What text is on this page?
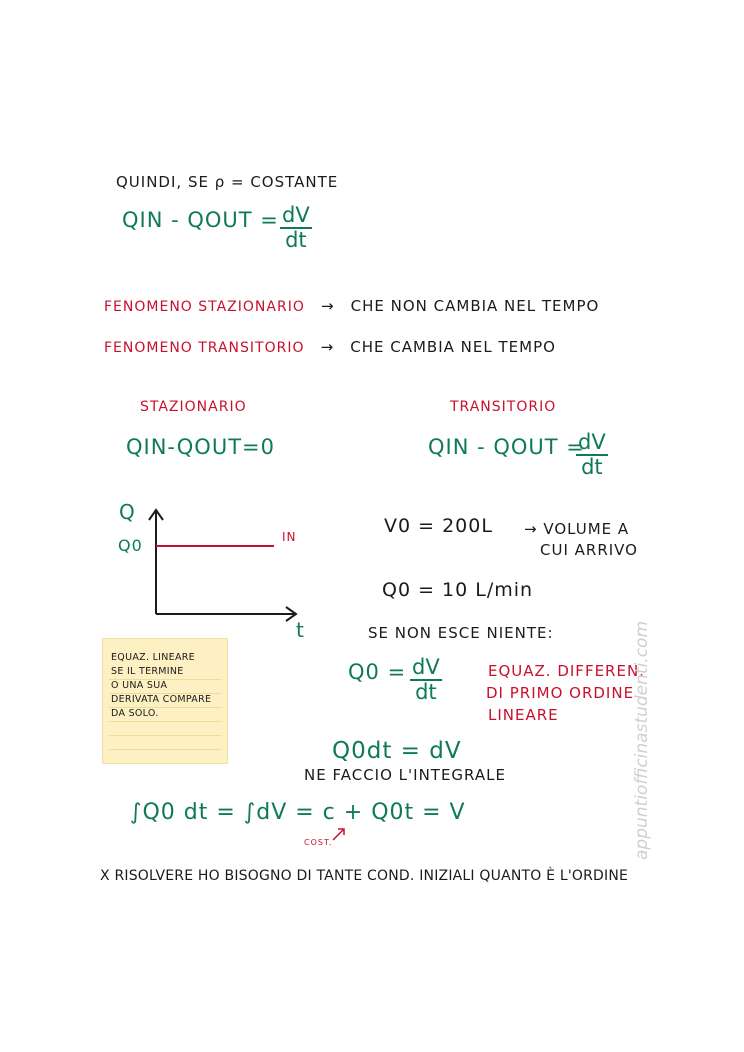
QUINDI, SE ρ = COSTANTE
QIN - QOUT = $\frac{dV}{dt}$
FENOMENO STAZIONARIO → CHE NON CAMBIA NEL TEMPO
FENOMENO TRANSITORIO → CHE CAMBIA NEL TEMPO
STAZIONARIO
QIN-QOUT=0
TRANSITORIO
QIN - QOUT =
$\frac{dV}{dt}$
Q
Q0
t
IN	V0 = 200L → VOLUME A
CUI ARRIVO
Q0 = 10 L/min
SE NON ESCE NIENTE:
EQUAZ. LINEARE
SE IL TERMINE
O UNA SUA
DERIVATA COMPARE
DA SOLO.
$Q0 = \frac{dV}{dt}$	EQUAZ. DIFFEREN.
DI PRIMO ORDINE
LINEARE
Q0dt = dV
NE FACCIO L'INTEGRALE
∫Q0 dt = ∫dV = c + Q0t = V
COST.
X RISOLVERE HO BISOGNO DI TANTE COND. INIZIALI QUANTO È L'ORDINE
appuntiofficinastudenti.com
